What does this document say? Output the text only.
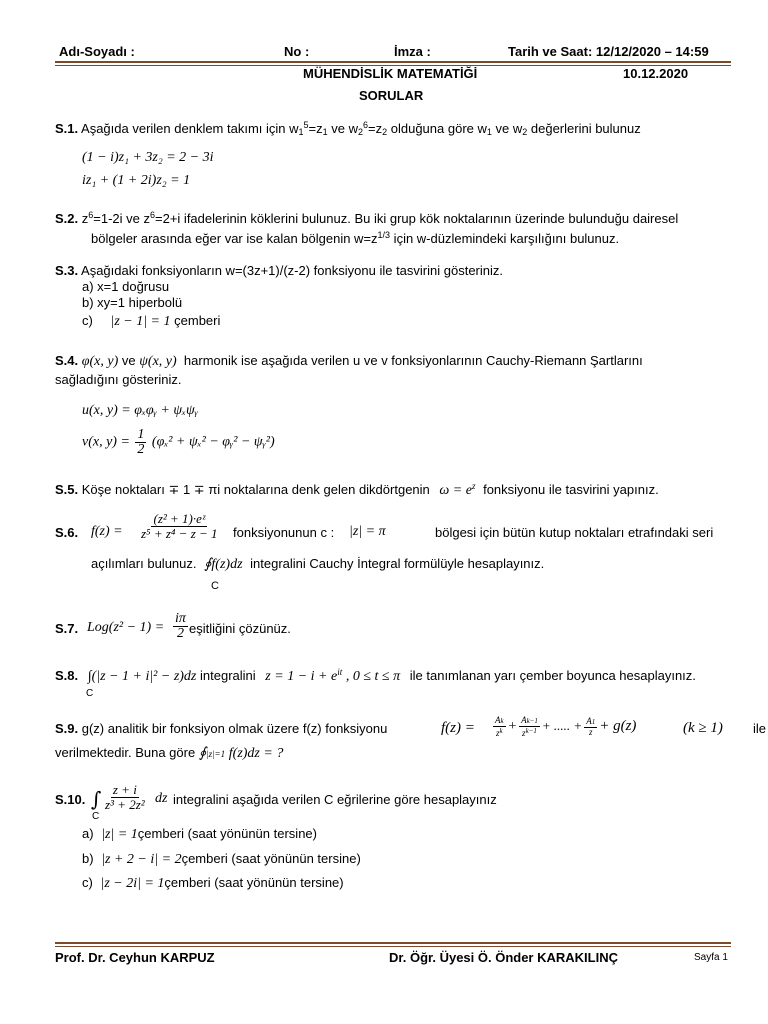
Adı-Soyadı :	No :	İmza :	Tarih ve Saat: 12/12/2020 – 14:59
MÜHENDİSLİK MATEMATİĞİ	10.12.2020
SORULAR
S.1. Aşağıda verilen denklem takımı için $w_1^5=z_1$ ve $w_2^6=z_2$ olduğuna göre $w_1$ ve $w_2$ değerlerini bulunuz
(1 − i)z₁ + 3z₂ = 2 − 3i
iz₁ + (1 + 2i)z₂ = 1
S.2. $z^6=1-2i$ ve $z^6=2+i$ ifadelerinin köklerini bulunuz. Bu iki grup kök noktalarının üzerinde bulunduğu dairesel
bölgeler arasında eğer var ise kalan bölgenin $w=z^{1/3}$ için w-düzlemindeki karşılığını bulunuz.
S.3. Aşağıdaki fonksiyonların w=(3z+1)/(z-2) fonksiyonu ile tasvirini gösteriniz.
a) x=1 doğrusu
b) xy=1 hiperbolü
c) |z − 1| = 1 çemberi
S.4. φ(x, y) ve ψ(x, y) harmonik ise aşağıda verilen u ve v fonksiyonlarının Cauchy-Riemann Şartlarını
sağladığını gösteriniz.
u(x, y) = φₓφᵧ + ψₓψᵧ
v(x, $y) = \frac{1}{2} (\varphi_x^2 + \psi_x^2$ − φᵧ² − ψᵧ²)
S.5. Köşe noktaları ∓ 1 ∓ πi noktalarına denk gelen dikdörtgenin $\omega = e^z$ fonksiyonu ile tasvirini yapınız.
S.6. $f(z) = \frac{\text{(z² + 1)·eᶻ}}{\text{z⁵ + z⁴ − z − 1}}$ fonksiyonunun c : |z| = π	bölgesi için bütün kutup noktaları etrafındaki seri
açılımları bulunuz. ∮f(z)dz integralini Cauchy İntegral formülüyle hesaplayınız.
C
S.7. $Log(z^2 - 1) = \frac{i\pi}{2}$ eşitliğini çözünüz.
S.8. ∫(|z − 1 + i|² − z)dz integralini $z = 1 - i + e^{it}$ , 0 ≤ t ≤ π ile tanımlanan yarı çember boyunca hesaplayınız.
C
S.9. g(z) analitik bir fonksiyon olmak üzere f(z) fonksiyonu	$f(z) = \frac{Ak}{z^k} + \frac{Ak-1}{z^{k-1}}$ + ..... + $\frac{A1}{z} + g(z)$	(k ≥ 1) ile
verilmektedir. Buna göre ∮|z|=1 f(z)dz = ?
S.10. ∫ $\frac{z + i}{\text{z³ + 2z²}}$ dz integralini aşağıda verilen C eğrilerine göre hesaplayınız
C
a) |z| = 1çemberi (saat yönünün tersine)
b) |z + 2 − i| = 2çemberi (saat yönünün tersine)
c) |z − 2i| = 1çemberi (saat yönünün tersine)
Prof. Dr. Ceyhun KARPUZ	Dr. Öğr. Üyesi Ö. Önder KARAKILINÇ	Sayfa 1
